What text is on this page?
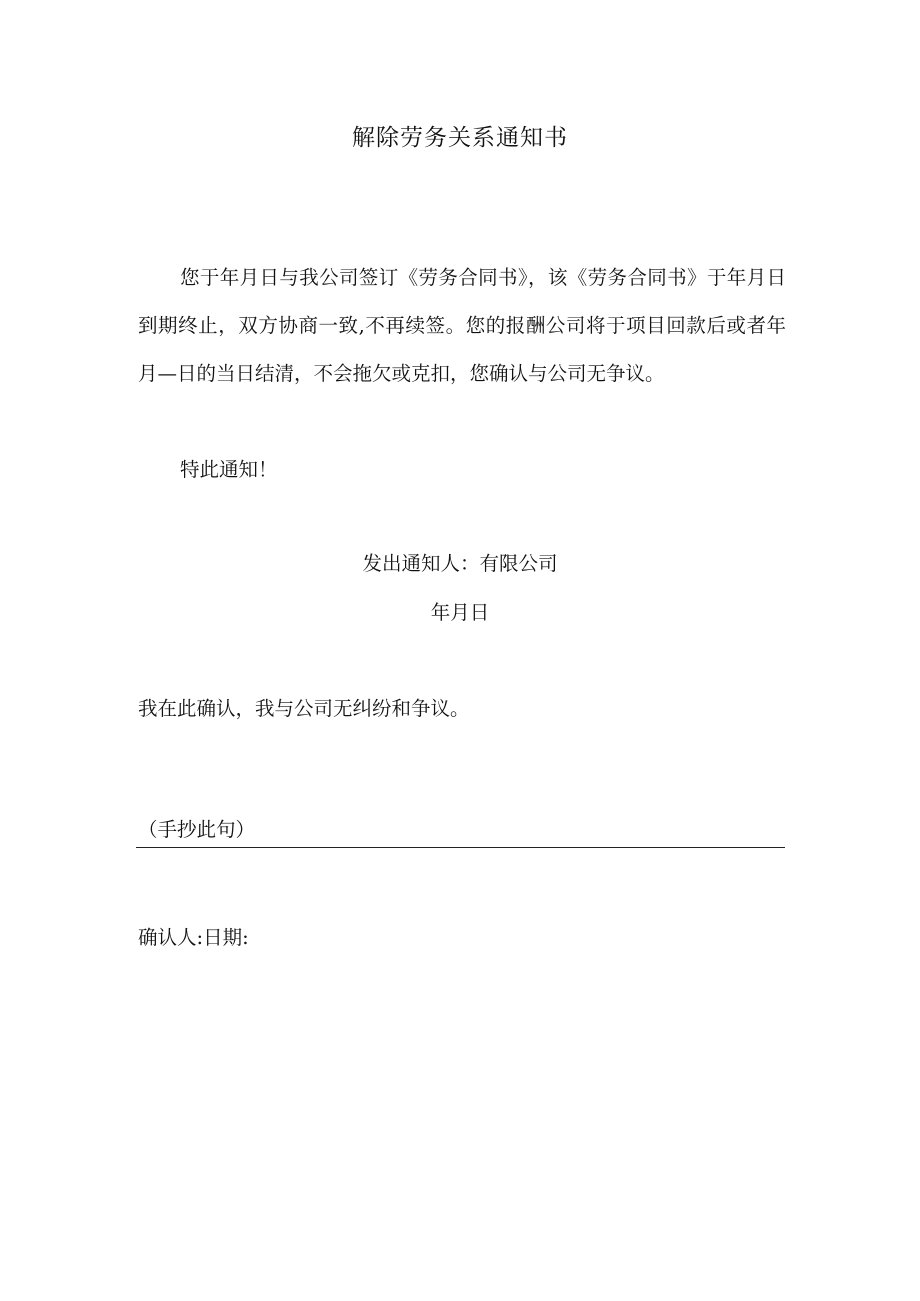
解除劳务关系通知书
您于年月日与我公司签订《劳务合同书》，该《劳务合同书》于年月日到期终止，双方协商一致,不再续签。您的报酬公司将于项目回款后或者年月—日的当日结清，不会拖欠或克扣，您确认与公司无争议。
特此通知！
发出通知人：有限公司
年月日
我在此确认，我与公司无纠纷和争议。
（手抄此句）
确认人:日期:
